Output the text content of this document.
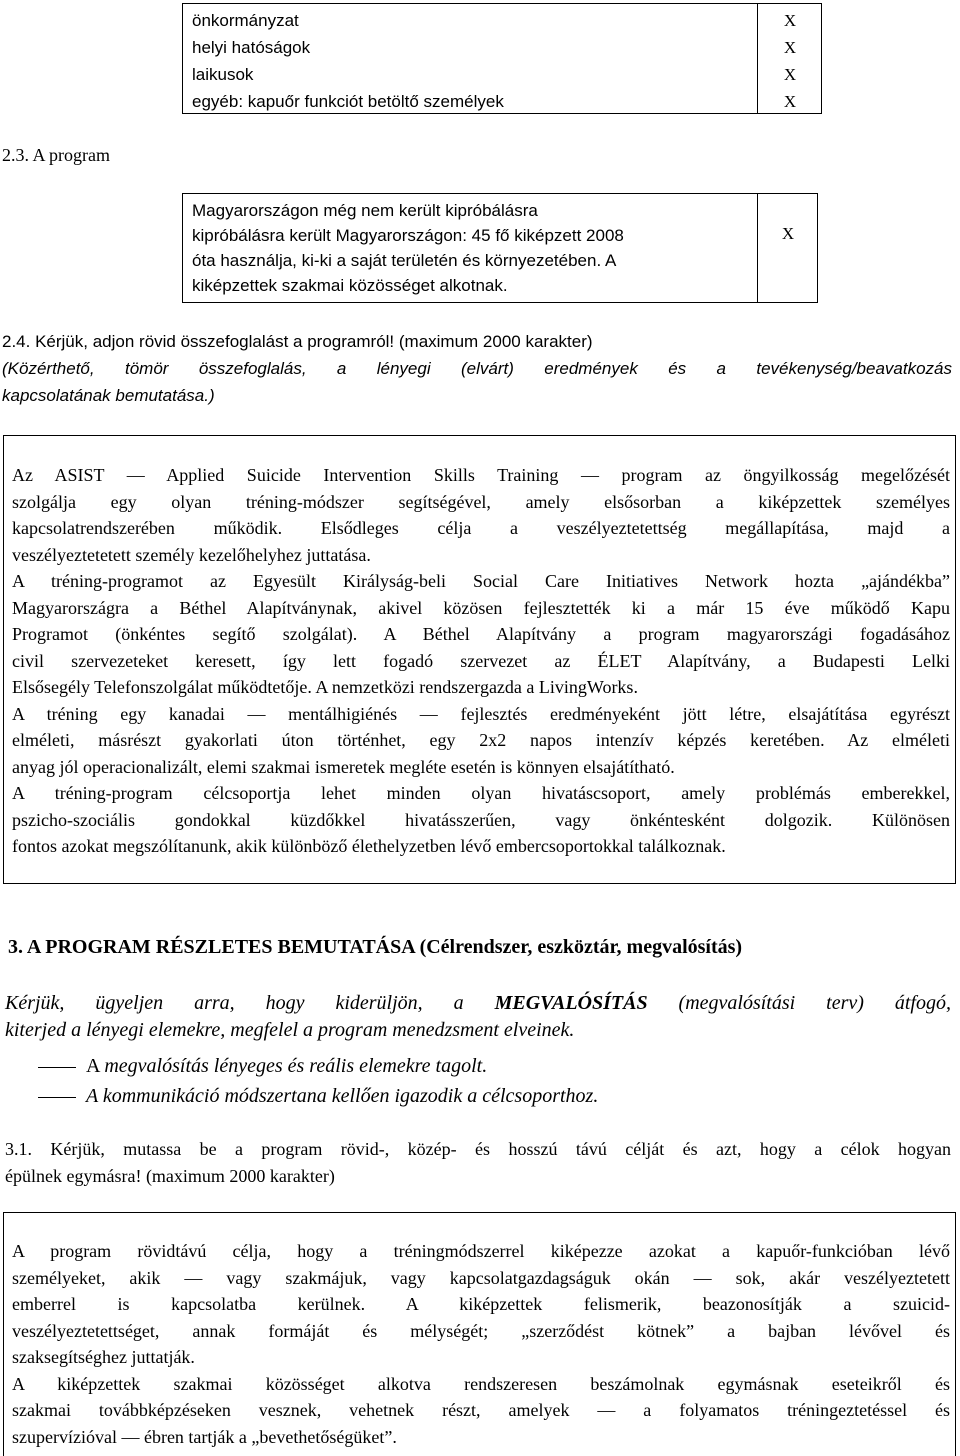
önkormányzat
helyi hatóságok
laikusok
egyéb: kapuőr funkciót betöltő személyek
X
X
X
X
2.3. A program
Magyarországon még nem került kipróbálásra
kipróbálásra került Magyarországon: 45 fő kiképzett 2008
óta használja, ki-ki a saját területén és környezetében. A
kiképzettek szakmai közösséget alkotnak.
X
2.4. Kérjük, adjon rövid összefoglalást a programról! (maximum 2000 karakter)
(Közérthető, tömör összefoglalás, a lényegi (elvárt) eredmények és a tevékenység/beavatkozás
kapcsolatának bemutatása.)
Az ASIST — Applied Suicide Intervention Skills Training — program az öngyilkosság megelőzését
szolgálja egy olyan tréning-módszer segítségével, amely elsősorban a kiképzettek személyes
kapcsolatrendszerében működik. Elsődleges célja a veszélyeztetettség megállapítása, majd a
veszélyeztetetett személy kezelőhelyhez juttatása.
A tréning-programot az Egyesült Királyság-beli Social Care Initiatives Network hozta „ajándékba”
Magyarországra a Béthel Alapítványnak, akivel közösen fejlesztették ki a már 15 éve működő Kapu
Programot (önkéntes segítő szolgálat). A Béthel Alapítvány a program magyarországi fogadásához
civil szervezeteket keresett, így lett fogadó szervezet az ÉLET Alapítvány, a Budapesti Lelki
Elsősegély Telefonszolgálat működtetője. A nemzetközi rendszergazda a LivingWorks.
A tréning egy kanadai — mentálhigiénés — fejlesztés eredményeként jött létre, elsajátítása egyrészt
elméleti, másrészt gyakorlati úton történhet, egy 2x2 napos intenzív képzés keretében. Az elméleti
anyag jól operacionalizált, elemi szakmai ismeretek megléte esetén is könnyen elsajátítható.
A tréning-program célcsoportja lehet minden olyan hivatáscsoport, amely problémás emberekkel,
pszicho-szociális gondokkal küzdőkkel hivatásszerűen, vagy önkéntesként dolgozik. Különösen
fontos azokat megszólítanunk, akik különböző élethelyzetben lévő embercsoportokkal találkoznak.
3. A PROGRAM RÉSZLETES BEMUTATÁSA (Célrendszer, eszköztár, megvalósítás)
Kérjük, ügyeljen arra, hogy kiderüljön, a MEGVALÓSÍTÁS (megvalósítási terv) átfogó,
kiterjed a lényegi elemekre, megfelel a program menedzsment elveinek.
A megvalósítás lényeges és reális elemekre tagolt.
A kommunikáció módszertana kellően igazodik a célcsoporthoz.
3.1. Kérjük, mutassa be a program rövid-, közép- és hosszú távú célját és azt, hogy a célok hogyan
épülnek egymásra! (maximum 2000 karakter)
A program rövidtávú célja, hogy a tréningmódszerrel kiképezze azokat a kapuőr-funkcióban lévő
személyeket, akik — vagy szakmájuk, vagy kapcsolatgazdagságuk okán — sok, akár veszélyeztetett
emberrel is kapcsolatba kerülnek. A kiképzettek felismerik, beazonosítják a szuicid-
veszélyeztetettséget, annak formáját és mélységét; „szerződést kötnek” a bajban lévővel és
szaksegítséghez juttatják.
A kiképzettek szakmai közösséget alkotva rendszeresen beszámolnak egymásnak eseteikről és
szakmai továbbképzéseken vesznek, vehetnek részt, amelyek — a folyamatos tréningeztetéssel és
szupervízióval — ébren tartják a „bevethetőségüket”.
